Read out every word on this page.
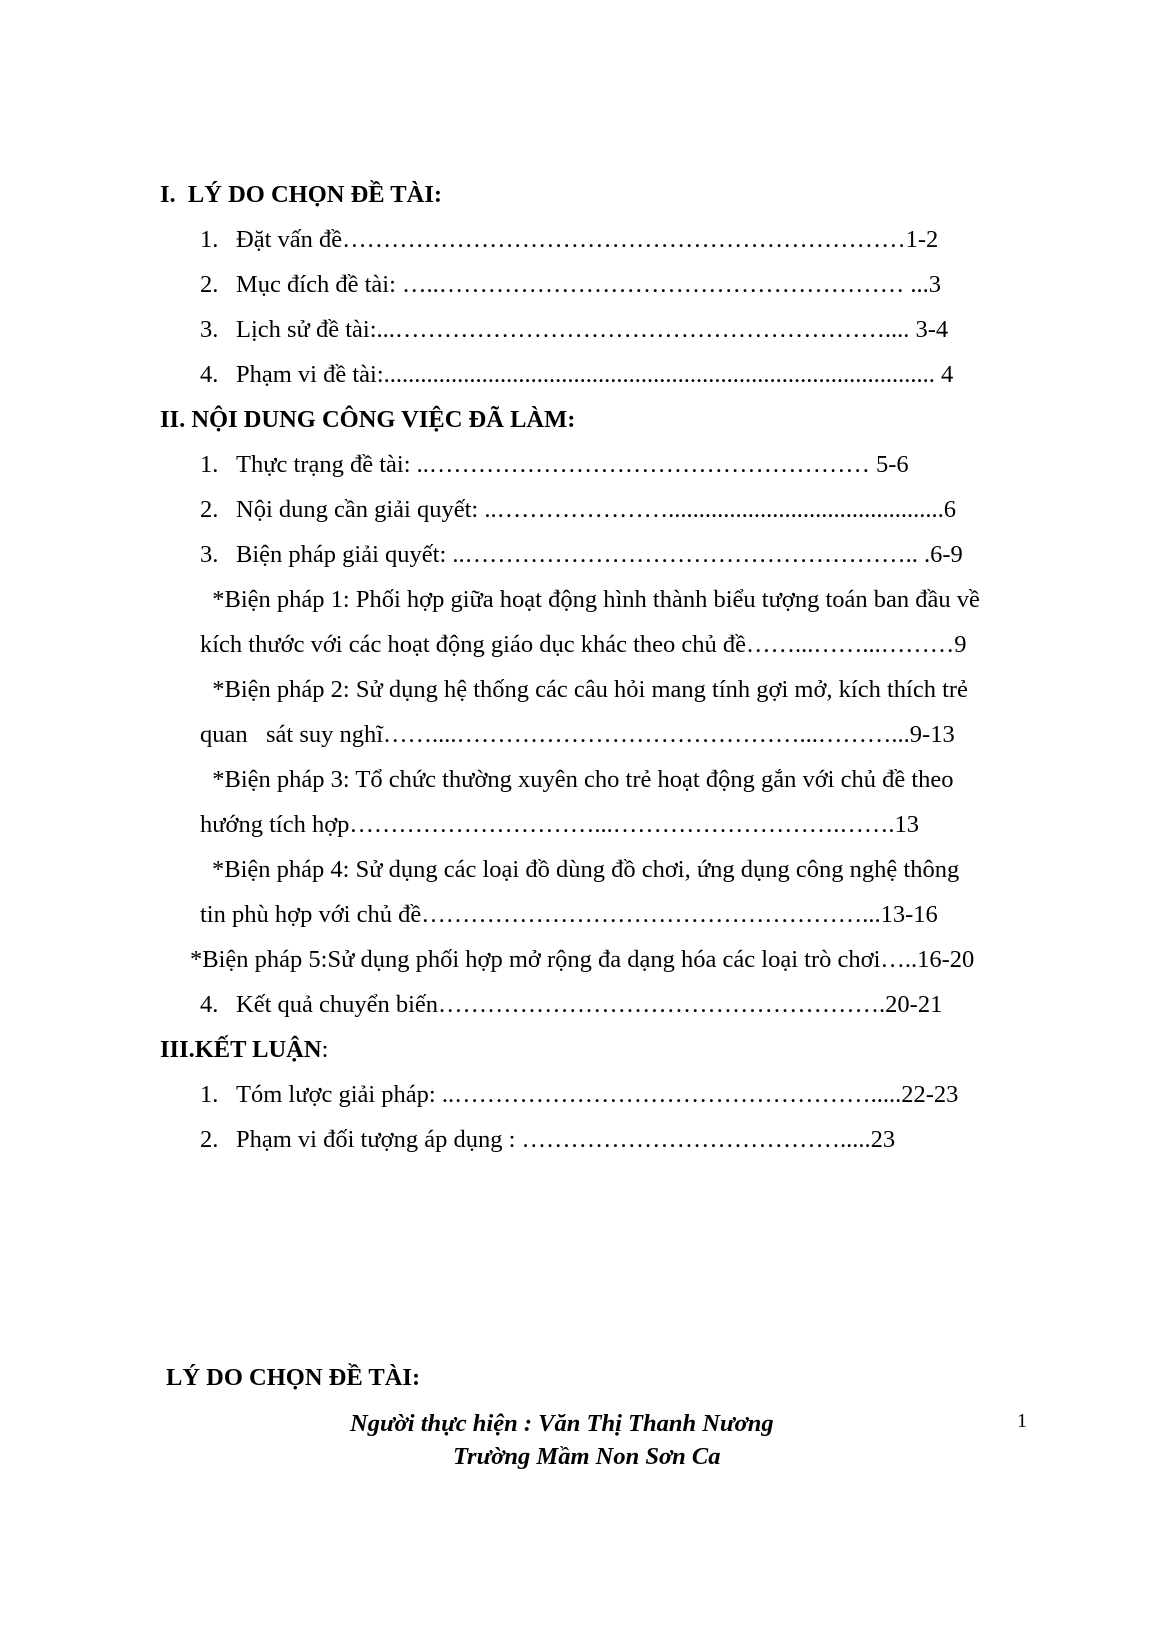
I.  LÝ DO CHỌN ĐỀ TÀI:
1. Đặt vấn đề……………………………………………………………1-2
2. Mục đích đề tài: …..………………………………………………… ...3
3. Lịch sử đề tài:...…………………………………………………….... 3-4
4. Phạm vi đề tài:.......................................................................................... 4
II. NỘI DUNG CÔNG VIỆC ĐÃ LÀM:
1. Thực trạng đề tài: ..……………………………………………… 5-6
2. Nội dung cần giải quyết: ..………………….............................................6
3. Biện pháp giải quyết: ..……………………………………………….. .6-9
*Biện pháp 1: Phối hợp giữa hoạt động hình thành biểu tượng toán ban đầu về
kích thước với các hoạt động giáo dục khác theo chủ đề……...……...………9
*Biện pháp 2: Sử dụng hệ thống các câu hỏi mang tính gợi mở, kích thích trẻ
quan   sát suy nghĩ……....……………………………………...………...9-13
*Biện pháp 3: Tổ chức thường xuyên cho trẻ hoạt động gắn với chủ đề theo
hướng tích hợp…………………………...……………………….…….13
*Biện pháp 4: Sử dụng các loại đồ dùng đồ chơi, ứng dụng công nghệ thông
tin phù hợp với chủ đề………………………………………………...13-16
*Biện pháp 5:Sử dụng phối hợp mở rộng đa dạng hóa các loại trò chơi…..16-20
4. Kết quả chuyển biến……………………………………………….20-21
III.KẾT LUẬN:
1. Tóm lược giải pháp: ..…………………………………………….....22-23
2. Phạm vi đối tượng áp dụng : ………………………………….....23
LÝ DO CHỌN ĐỀ TÀI:
Người thực hiện : Văn Thị Thanh Nương
Trường Mầm Non Sơn Ca
1
